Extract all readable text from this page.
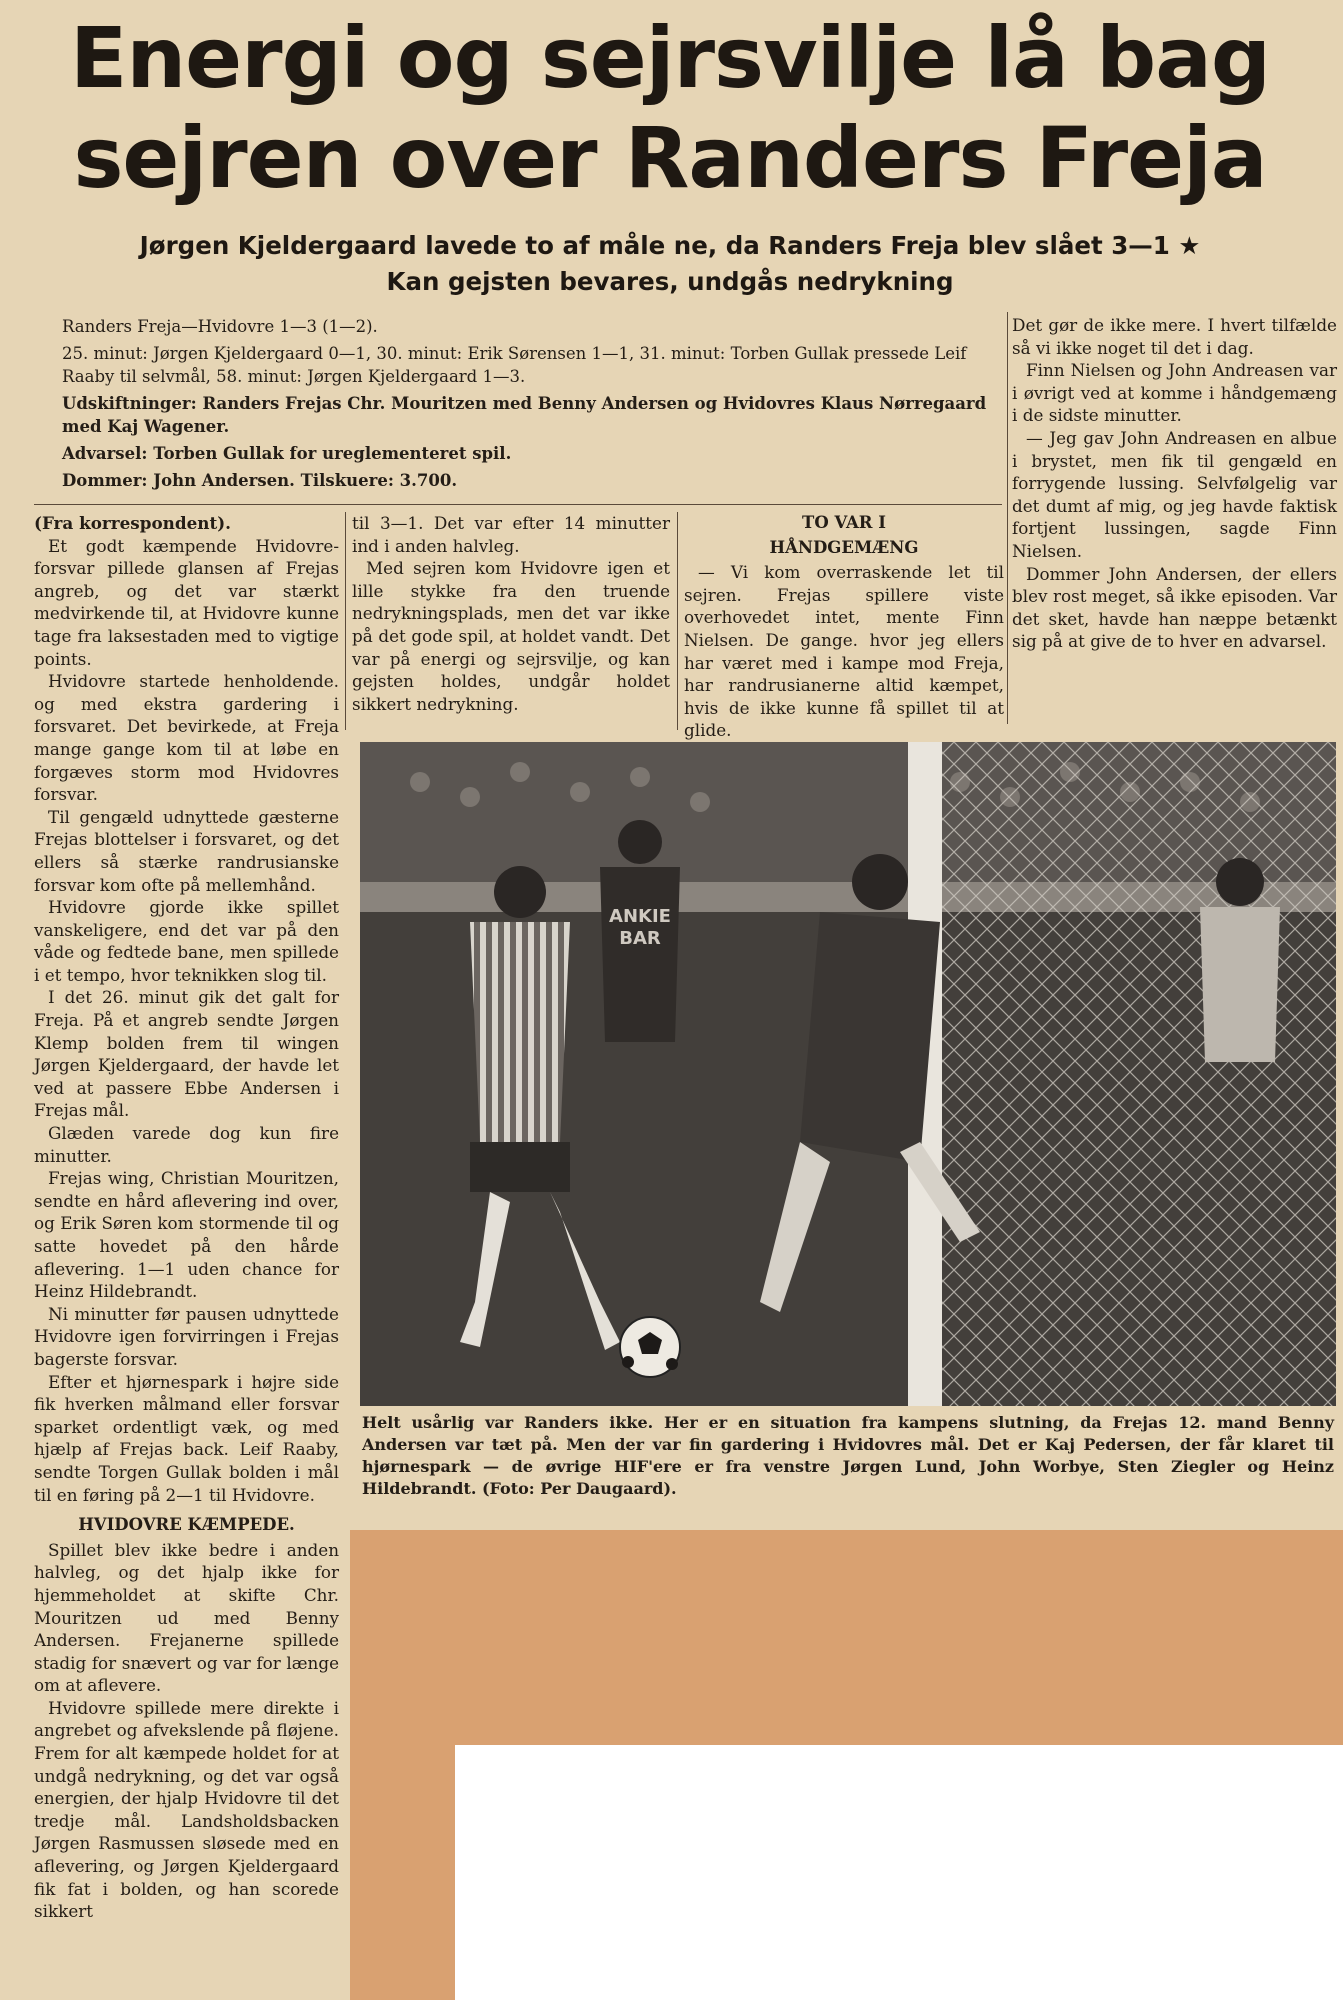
Energi og sejrsvilje lå bag
sejren over Randers Freja
Jørgen Kjeldergaard lavede to af måle ne, da Randers Freja blev slået 3—1 ★
Kan gejsten bevares, undgås nedrykning

Randers Freja—Hvidovre 1—3 (1—2).

25. minut: Jørgen Kjeldergaard 0—1, 30. minut: Erik Sørensen 1—1, 31. minut: Torben Gullak pressede Leif Raaby til selvmål, 58. minut: Jørgen Kjeldergaard 1—3.

Udskiftninger: Randers Frejas Chr. Mouritzen med Benny Andersen og Hvidovres Klaus Nørregaard med Kaj Wagener.

Advarsel: Torben Gullak for ureglementeret spil.

Dommer: John Andersen. Tilskuere: 3.700.

(Fra korrespondent).

Et godt kæmpende Hvidovre-forsvar pillede glansen af Frejas angreb, og det var stærkt medvirkende til, at Hvidovre kunne tage fra laksestaden med to vigtige points.

Hvidovre startede henholdende. og med ekstra gardering i forsvaret. Det bevirkede, at Freja mange gange kom til at løbe en forgæves storm mod Hvidovres forsvar.

Til gengæld udnyttede gæsterne Frejas blottelser i forsvaret, og det ellers så stærke randrusianske forsvar kom ofte på mellemhånd.

Hvidovre gjorde ikke spillet vanskeligere, end det var på den våde og fedtede bane, men spillede i et tempo, hvor teknikken slog til.

I det 26. minut gik det galt for Freja. På et angreb sendte Jørgen Klemp bolden frem til wingen Jørgen Kjeldergaard, der havde let ved at passere Ebbe Andersen i Frejas mål.

Glæden varede dog kun fire minutter.

Frejas wing, Christian Mouritzen, sendte en hård aflevering ind over, og Erik Søren kom stormende til og satte hovedet på den hårde aflevering. 1—1 uden chance for Heinz Hildebrandt.

Ni minutter før pausen udnyttede Hvidovre igen forvirringen i Frejas bagerste forsvar.

Efter et hjørnespark i højre side fik hverken målmand eller forsvar sparket ordentligt væk, og med hjælp af Frejas back. Leif Raaby, sendte Torgen Gullak bolden i mål til en føring på 2—1 til Hvidovre.

HVIDOVRE KÆMPEDE.

Spillet blev ikke bedre i anden halvleg, og det hjalp ikke for hjemmeholdet at skifte Chr. Mouritzen ud med Benny Andersen. Frejanerne spillede stadig for snævert og var for længe om at aflevere.

Hvidovre spillede mere direkte i angrebet og afvekslende på fløjene. Frem for alt kæmpede holdet for at undgå nedrykning, og det var også energien, der hjalp Hvidovre til det tredje mål. Landsholdsbacken Jørgen Rasmussen sløsede med en aflevering, og Jørgen Kjeldergaard fik fat i bolden, og han scorede sikkert

til 3—1. Det var efter 14 minutter ind i anden halvleg.

Med sejren kom Hvidovre igen et lille stykke fra den truende nedrykningsplads, men det var ikke på det gode spil, at holdet vandt. Det var på energi og sejrsvilje, og kan gejsten holdes, undgår holdet sikkert nedrykning.

TO VAR I

HÅNDGEMÆNG

— Vi kom overraskende let til sejren. Frejas spillere viste overhovedet intet, mente Finn Nielsen. De gange. hvor jeg ellers har været med i kampe mod Freja, har randrusianerne altid kæmpet, hvis de ikke kunne få spillet til at glide.

Det gør de ikke mere. I hvert tilfælde så vi ikke noget til det i dag.

Finn Nielsen og John Andreasen var i øvrigt ved at komme i håndgemæng i de sidste minutter.

— Jeg gav John Andreasen en albue i brystet, men fik til gengæld en forrygende lussing. Selvfølgelig var det dumt af mig, og jeg havde faktisk fortjent lussingen, sagde Finn Nielsen.

Dommer John Andersen, der ellers blev rost meget, så ikke episoden. Var det sket, havde han næppe betænkt sig på at give de to hver en advarsel.

ANKIE
BAR
Helt usårlig var Randers ikke. Her er en situation fra kampens slutning, da Frejas 12. mand Benny Andersen var tæt på. Men der var fin gardering i Hvidovres mål. Det er Kaj Pedersen, der får klaret til hjørnespark — de øvrige HIF'ere er fra venstre Jørgen Lund, John Worbye, Sten Ziegler og Heinz Hildebrandt. (Foto: Per Daugaard).
